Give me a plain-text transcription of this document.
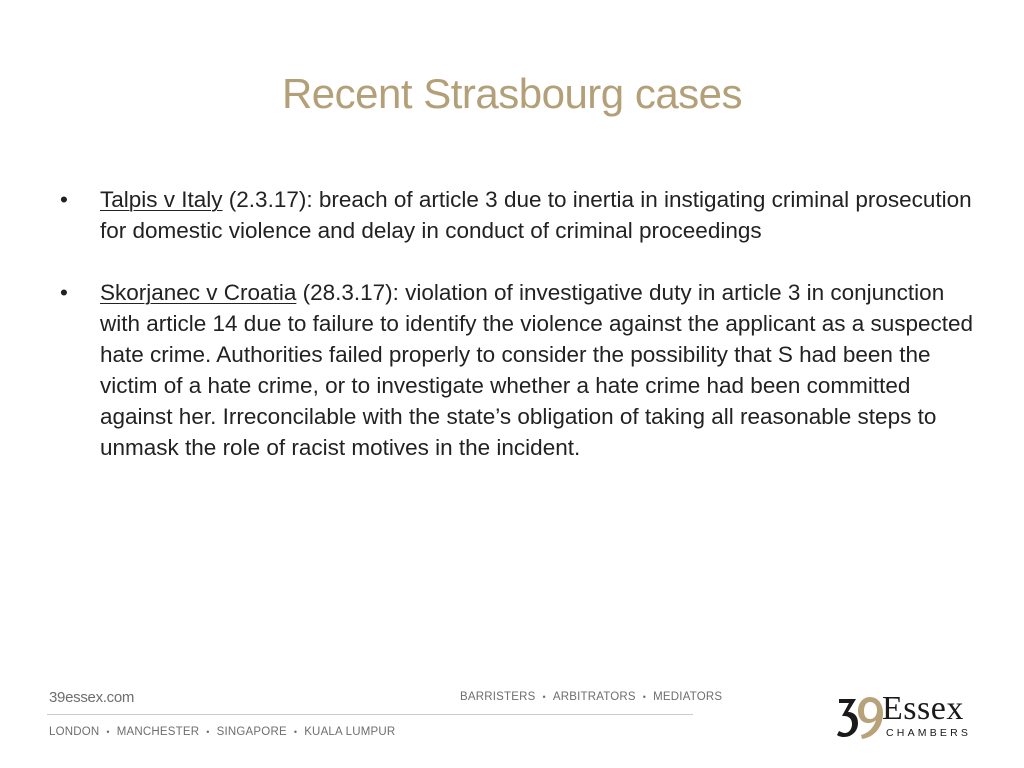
Recent Strasbourg cases
• Talpis v Italy (2.3.17): breach of article 3 due to inertia in instigating criminal prosecution for domestic violence and delay in conduct of criminal proceedings
• Skorjanec v Croatia (28.3.17): violation of investigative duty in article 3 in conjunction with article 14 due to failure to identify the violence against the applicant as a suspected hate crime. Authorities failed properly to consider the possibility that S had been the victim of a hate crime, or to investigate whether a hate crime had been committed against her. Irreconcilable with the state’s obligation of taking all reasonable steps to unmask the role of racist motives in the incident.
39essex.com	BARRISTERS • ARBITRATORS • MEDIATORS
LONDON • MANCHESTER • SINGAPORE • KUALA LUMPUR
Essex
CHAMBERS
